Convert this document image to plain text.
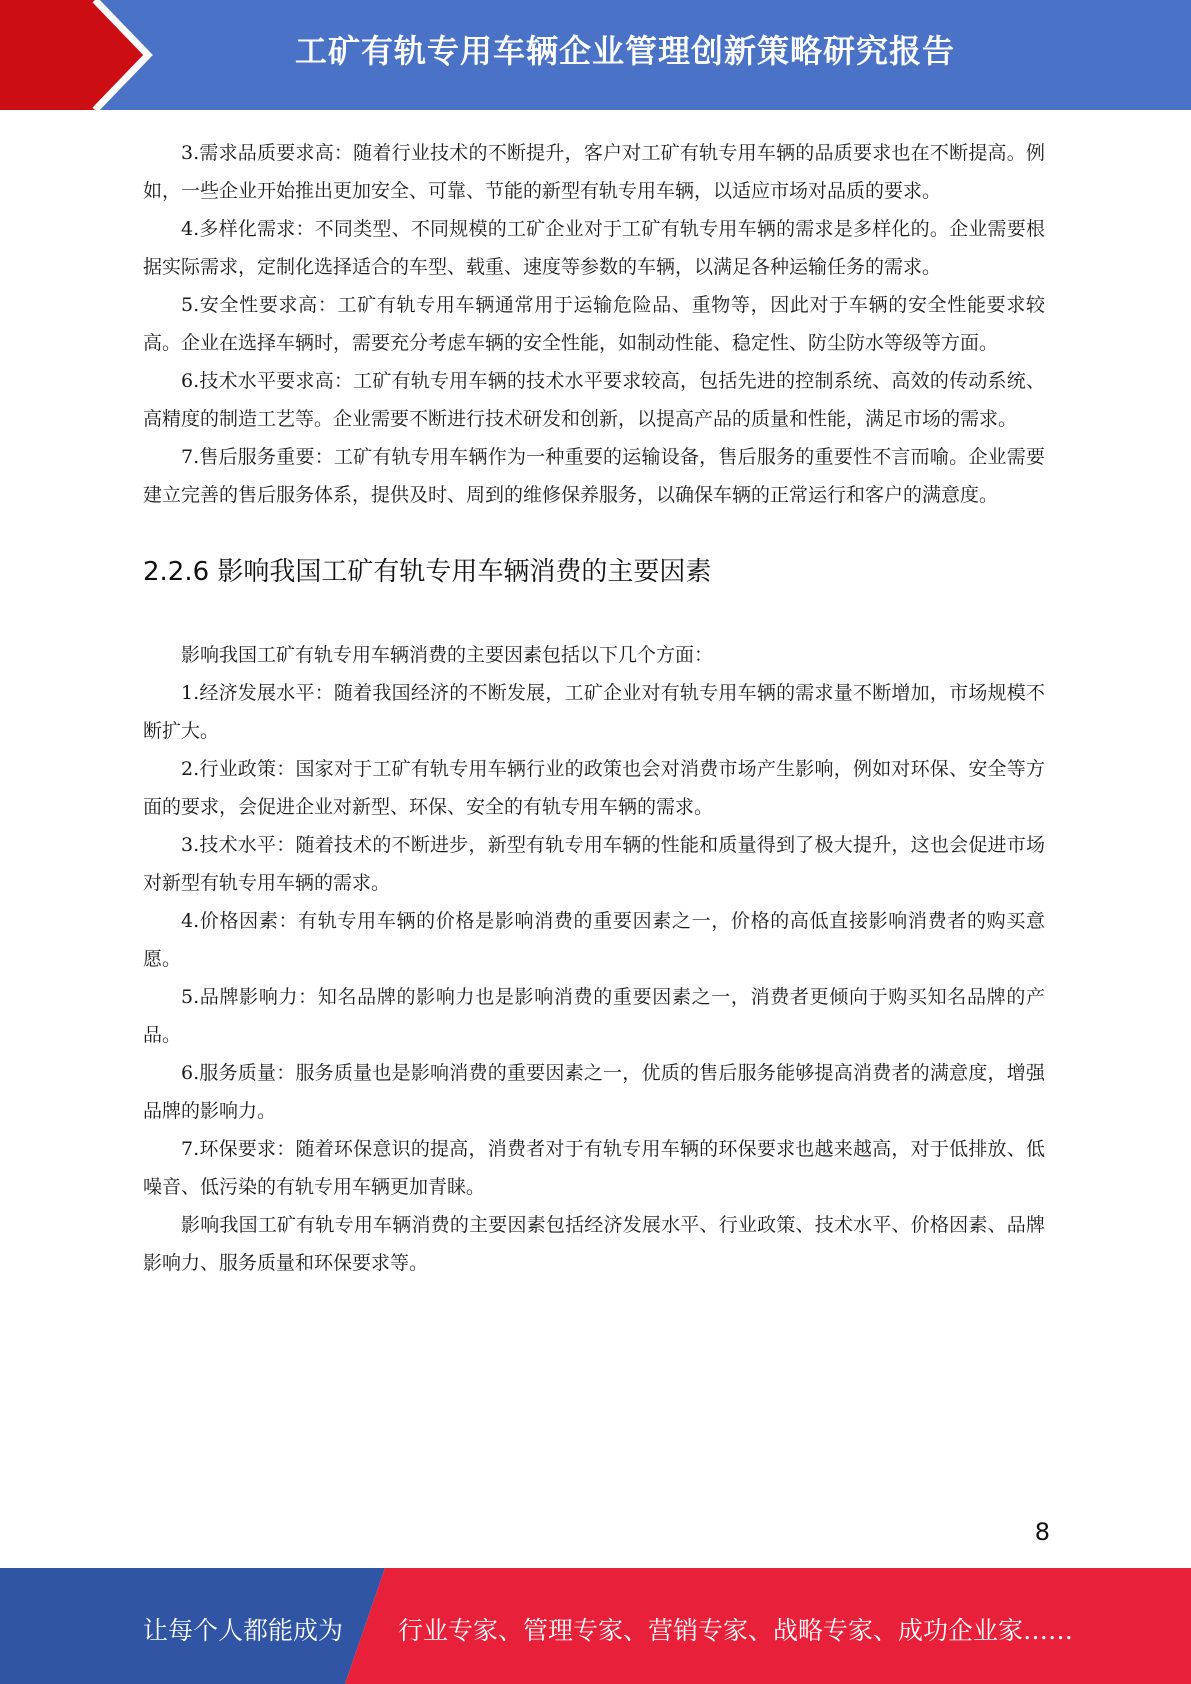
工矿有轨专用车辆企业管理创新策略研究报告

3.需求品质要求高：随着行业技术的不断提升，客户对工矿有轨专用车辆的品质要求也在不断提高。例如，一些企业开始推出更加安全、可靠、节能的新型有轨专用车辆，以适应市场对品质的要求。

4.多样化需求：不同类型、不同规模的工矿企业对于工矿有轨专用车辆的需求是多样化的。企业需要根据实际需求，定制化选择适合的车型、载重、速度等参数的车辆，以满足各种运输任务的需求。

5.安全性要求高：工矿有轨专用车辆通常用于运输危险品、重物等，因此对于车辆的安全性能要求较高。企业在选择车辆时，需要充分考虑车辆的安全性能，如制动性能、稳定性、防尘防水等级等方面。

6.技术水平要求高：工矿有轨专用车辆的技术水平要求较高，包括先进的控制系统、高效的传动系统、高精度的制造工艺等。企业需要不断进行技术研发和创新，以提高产品的质量和性能，满足市场的需求。

7.售后服务重要：工矿有轨专用车辆作为一种重要的运输设备，售后服务的重要性不言而喻。企业需要建立完善的售后服务体系，提供及时、周到的维修保养服务，以确保车辆的正常运行和客户的满意度。

2.2.6 影响我国工矿有轨专用车辆消费的主要因素

影响我国工矿有轨专用车辆消费的主要因素包括以下几个方面：

1.经济发展水平：随着我国经济的不断发展，工矿企业对有轨专用车辆的需求量不断增加，市场规模不断扩大。

2.行业政策：国家对于工矿有轨专用车辆行业的政策也会对消费市场产生影响，例如对环保、安全等方面的要求，会促进企业对新型、环保、安全的有轨专用车辆的需求。

3.技术水平：随着技术的不断进步，新型有轨专用车辆的性能和质量得到了极大提升，这也会促进市场对新型有轨专用车辆的需求。

4.价格因素：有轨专用车辆的价格是影响消费的重要因素之一，价格的高低直接影响消费者的购买意愿。

5.品牌影响力：知名品牌的影响力也是影响消费的重要因素之一，消费者更倾向于购买知名品牌的产品。

6.服务质量：服务质量也是影响消费的重要因素之一，优质的售后服务能够提高消费者的满意度，增强品牌的影响力。

7.环保要求：随着环保意识的提高，消费者对于有轨专用车辆的环保要求也越来越高，对于低排放、低噪音、低污染的有轨专用车辆更加青睐。

影响我国工矿有轨专用车辆消费的主要因素包括经济发展水平、行业政策、技术水平、价格因素、品牌影响力、服务质量和环保要求等。

8
让每个人都能成为 行业专家、管理专家、营销专家、战略专家、成功企业家……
